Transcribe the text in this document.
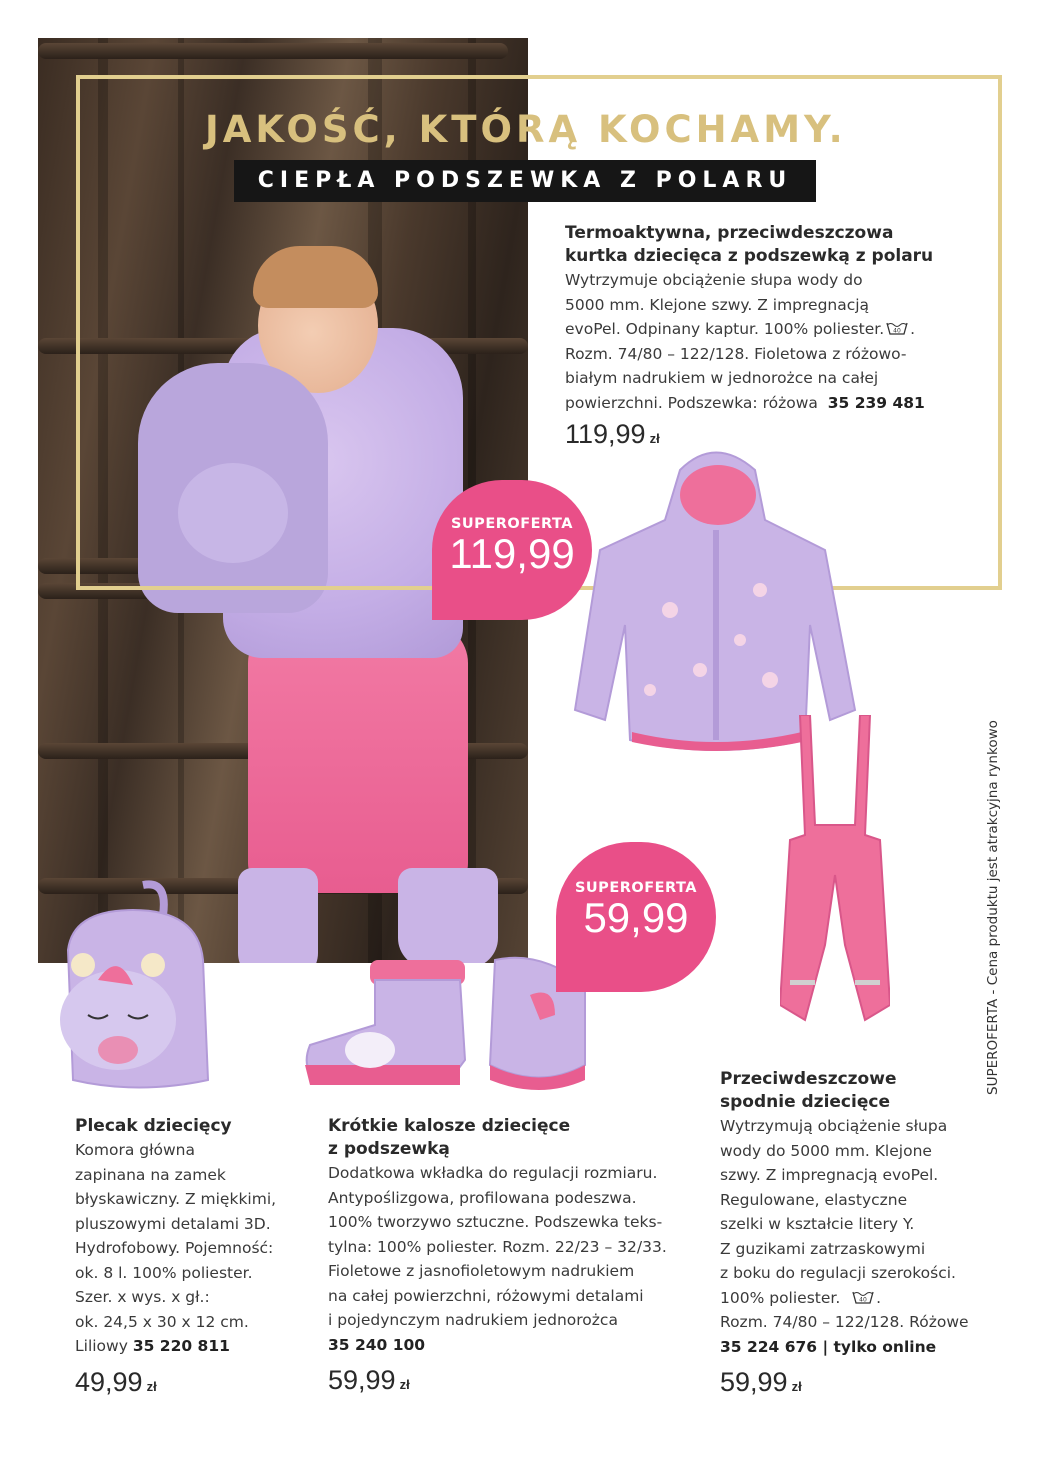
JAKOŚĆ, KTÓRĄ KOCHAMY.
CIEPŁA PODSZEWKA Z POLARU
Termoaktywna, przeciwdeszczowa
kurtka dziecięca z podszewką z polaru
Wytrzymuje obciążenie słupa wody do
5000 mm. Klejone szwy. Z impregnacją
evoPel. Odpinany kaptur. 100% poliester. 40 .
Rozm. 74/80 – 122/128. Fioletowa z różowo-
białym nadrukiem w jednorożce na całej
powierzchni. Podszewka: różowa 35 239 481
119,99 zł
SUPEROFERTA
119,99
SUPEROFERTA
59,99
Plecak dziecięcy
Komora główna
zapinana na zamek
błyskawiczny. Z miękkimi,
pluszowymi detalami 3D.
Hydrofobowy. Pojemność:
ok. 8 l. 100% poliester.
Szer. x wys. x gł.:
ok. 24,5 x 30 x 12 cm.
Liliowy 35 220 811
49,99 zł
Krótkie kalosze dziecięce
z podszewką
Dodatkowa wkładka do regulacji rozmiaru.
Antypoślizgowa, profilowana podeszwa.
100% tworzywo sztuczne. Podszewka teks-
tylna: 100% poliester. Rozm. 22/23 – 32/33.
Fioletowe z jasnofioletowym nadrukiem
na całej powierzchni, różowymi detalami
i pojedynczym nadrukiem jednorożca
35 240 100
59,99 zł
Przeciwdeszczowe
spodnie dziecięce
Wytrzymują obciążenie słupa
wody do 5000 mm. Klejone
szwy. Z impregnacją evoPel.
Regulowane, elastyczne
szelki w kształcie litery Y.
Z guzikami zatrzaskowymi
z boku do regulacji szerokości.
100% poliester.	40 .
Rozm. 74/80 – 122/128. Różowe
35 224 676 | tylko online
59,99 zł
SUPEROFERTA - Cena produktu jest atrakcyjna rynkowo
